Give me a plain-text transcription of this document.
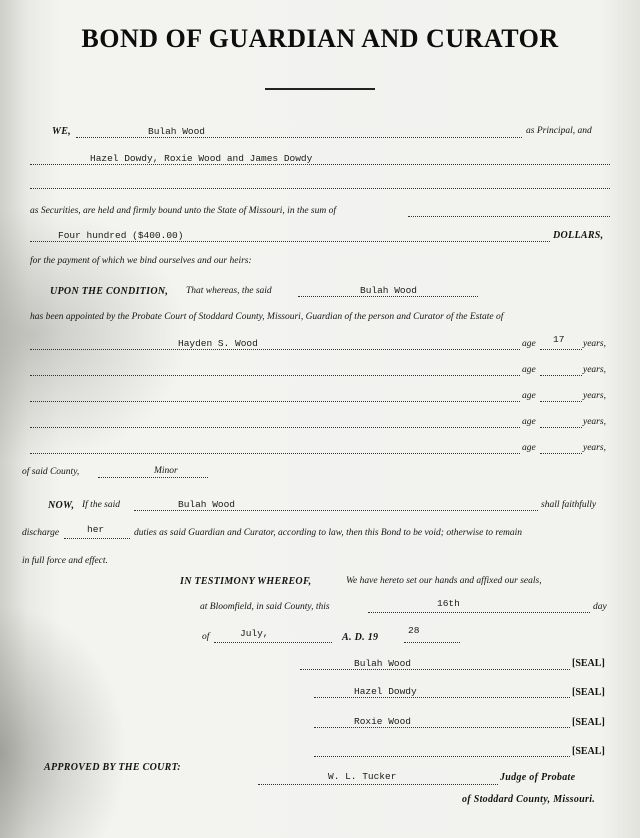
BOND OF GUARDIAN AND CURATOR
WE,	Bulah Wood	as Principal, and
Hazel Dowdy, Roxie Wood and James Dowdy
as Securities, are held and firmly bound unto the State of Missouri, in the sum of
Four hundred ($400.00)	DOLLARS,
for the payment of which we bind ourselves and our heirs:
UPON THE CONDITION, That whereas, the said	Bulah Wood
has been appointed by the Probate Court of Stoddard County, Missouri, Guardian of the person and Curator of the Estate of
Hayden S. Wood	age 17 years,
age	years,
age	years,
age	years,
age	years,
of said County,	Minor
NOW, If the said	Bulah Wood	shall faithfully
discharge	her	duties as said Guardian and Curator, according to law, then this Bond to be void; otherwise to remain
in full force and effect.
IN TESTIMONY WHEREOF,	We have hereto set our hands and affixed our seals,
at Bloomfield, in said County, this	16th	day
of	July,	A. D. 19
28
Bulah Wood	[SEAL]
Hazel Dowdy	[SEAL]
Roxie Wood	[SEAL]
[SEAL]
APPROVED BY THE COURT:
W. L. Tucker	Judge of Probate
of Stoddard County, Missouri.
